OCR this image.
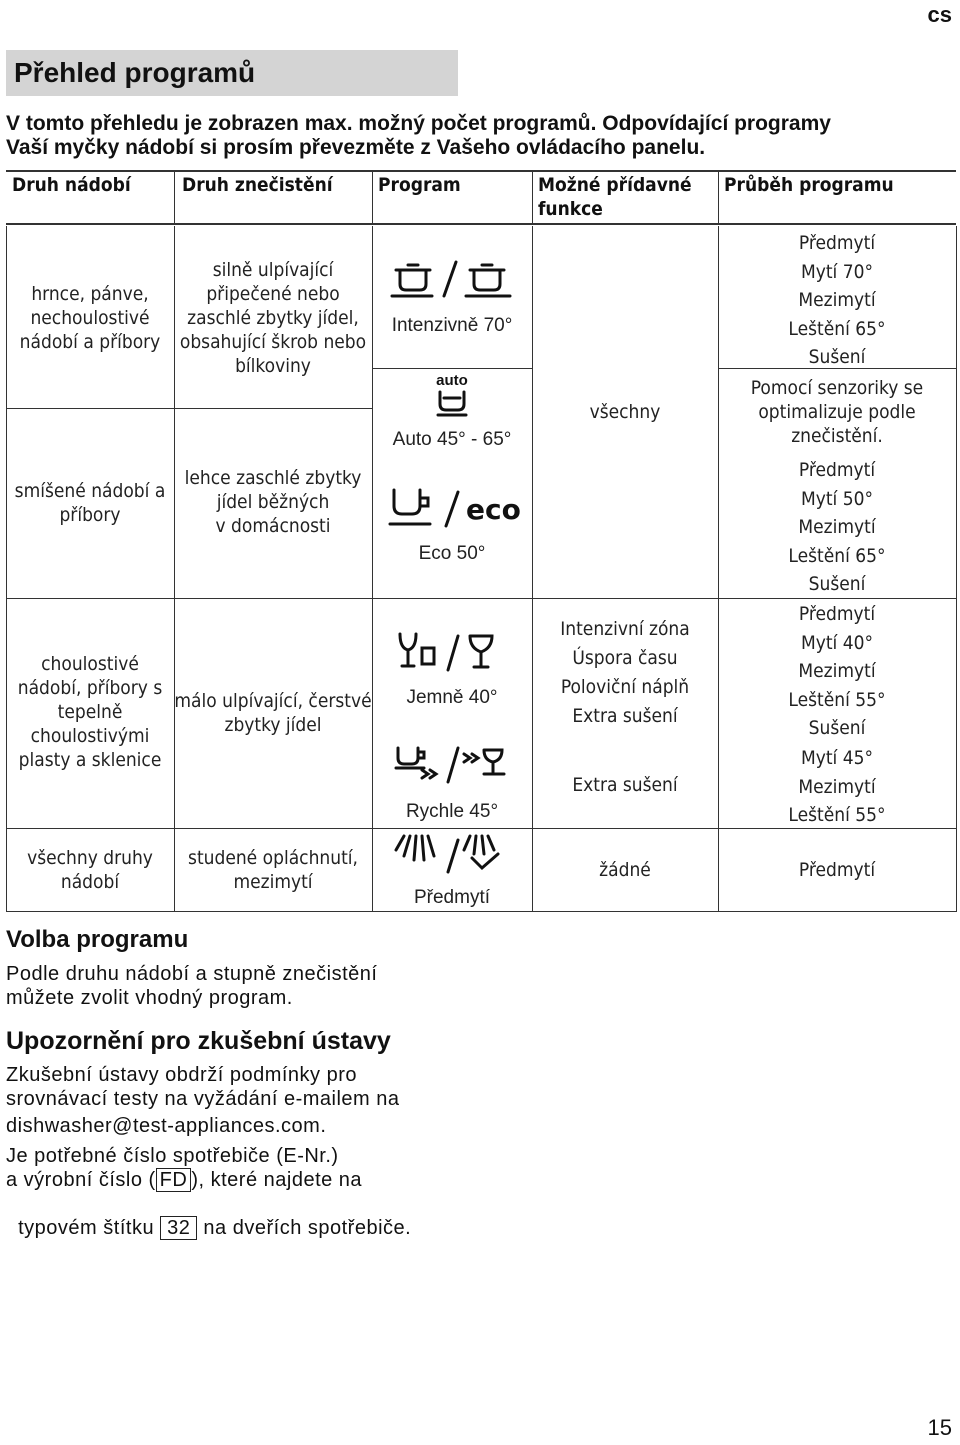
cs
Přehled programů
V tomto přehledu je zobrazen max. možný počet programů. Odpovídající programy
Vaší myčky nádobí si prosím převezměte z Vašeho ovládacího panelu.
Druh nádobí	Druh znečistění Program	Možné přídavné
funkce
Průběh programu
hrnce, pánve,
nechoulostivé
nádobí a příbory
smíšené nádobí a
příbory
choulostivé
nádobí, příbory s
tepelně
choulostivými
plasty a sklenice
všechny druhy
nádobí
silně ulpívající
připečené nebo
zaschlé zbytky jídel,
obsahující škrob nebo
bílkoviny
lehce zaschlé zbytky
jídel běžných
v domácnosti
málo ulpívající, čerstvé
zbytky jídel
studené opláchnutí,
mezimytí
Intenzivně 70°
auto
Auto 45° - 65°
eco
Eco 50°
Jemně 40°
Rychle 45°
Předmytí
všechny
Intenzivní zóna
Úspora času
Poloviční náplň
Extra sušení
Extra sušení
žádné
Předmytí
Mytí 70°
Mezimytí
Leštění 65°
Sušení
Pomocí senzoriky se
optimalizuje podle
znečistění.
Předmytí
Mytí 50°
Mezimytí
Leštění 65°
Sušení
Předmytí
Mytí 40°
Mezimytí
Leštění 55°
Sušení
Mytí 45°
Mezimytí
Leštění 55°
Předmytí
Volba programu
Podle druhu nádobí a stupně znečistění
můžete zvolit vhodný program.
Upozornění pro zkušební ústavy
Zkušební ústavy obdrží podmínky pro
srovnávací testy na vyžádání e-mailem na
dishwasher@test-appliances.com.
Je potřebné číslo spotřebiče (E-Nr.)
a výrobní číslo ( FD ), které najdete na

typovém štítku 32 na dveřích spotřebiče.

15
